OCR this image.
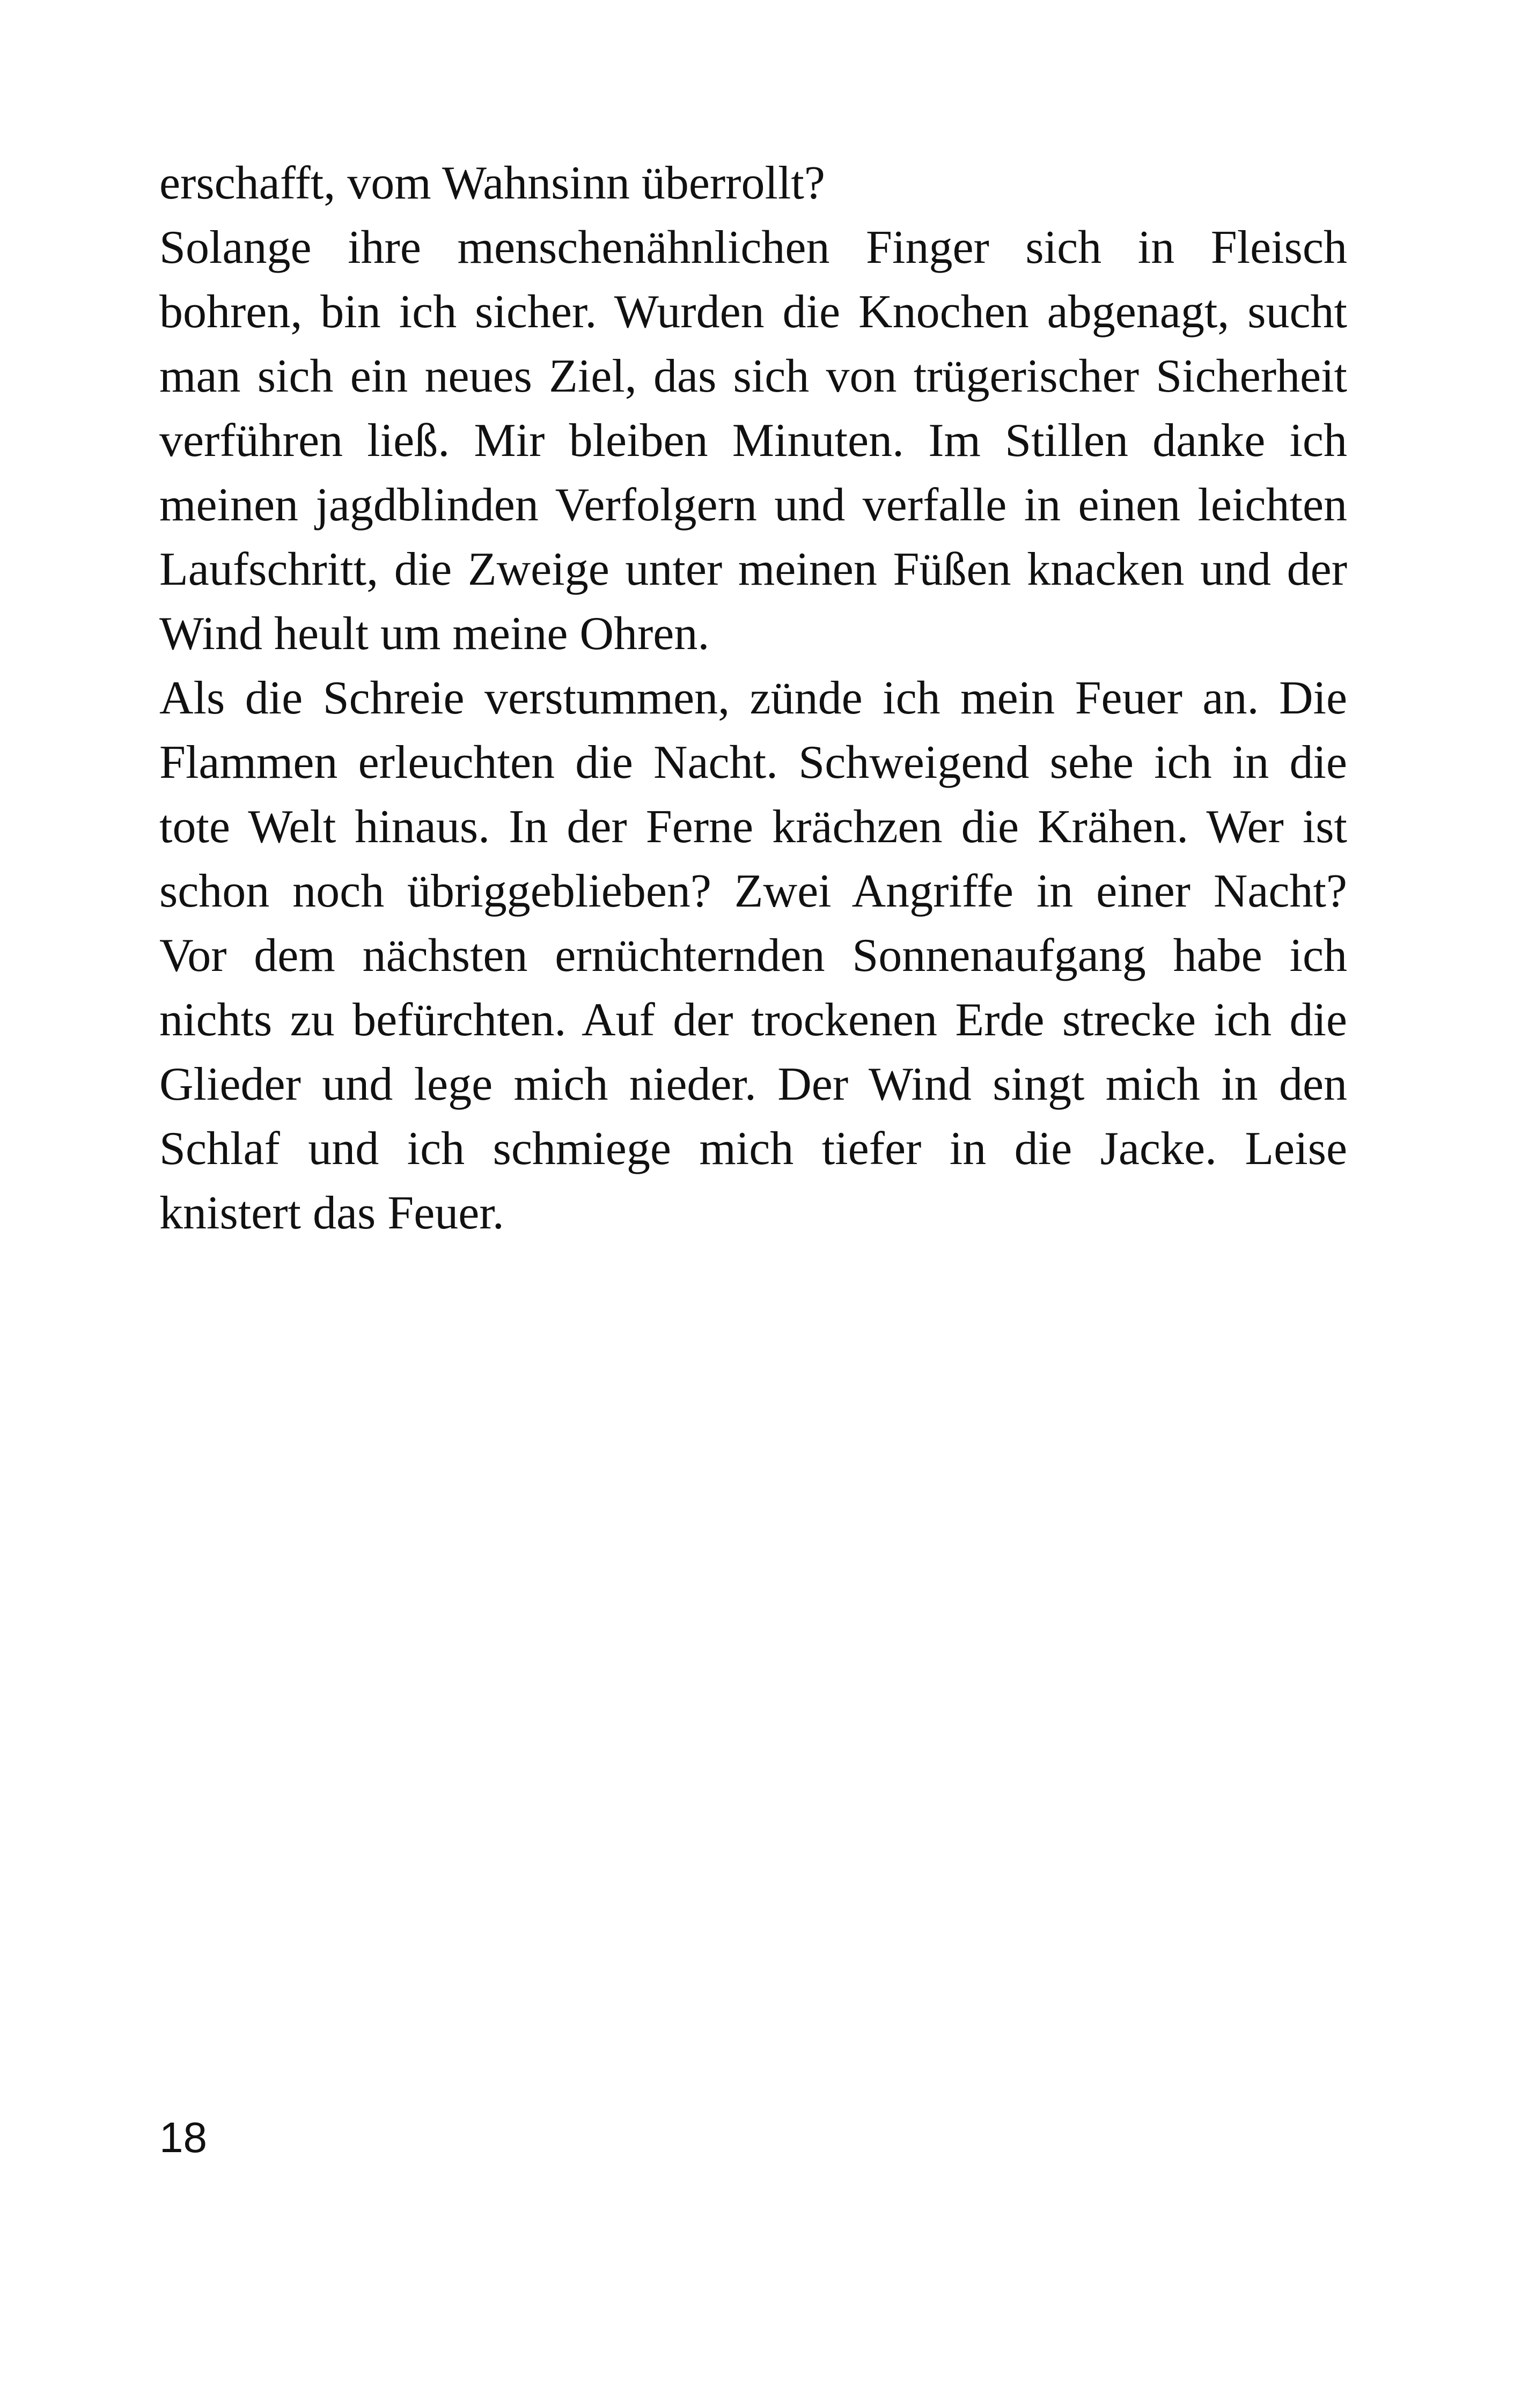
erschafft, vom Wahnsinn überrollt?
Solange ihre menschenähnlichen Finger sich in Fleisch
bohren, bin ich sicher. Wurden die Knochen abgenagt, sucht
man sich ein neues Ziel, das sich von trügerischer Sicherheit
verführen ließ. Mir bleiben Minuten. Im Stillen danke ich
meinen jagdblinden Verfolgern und verfalle in einen leichten
Laufschritt, die Zweige unter meinen Füßen knacken und der
Wind heult um meine Ohren.
Als die Schreie verstummen, zünde ich mein Feuer an. Die
Flammen erleuchten die Nacht. Schweigend sehe ich in die
tote Welt hinaus. In der Ferne krächzen die Krähen. Wer ist
schon noch übriggeblieben? Zwei Angriffe in einer Nacht?
Vor dem nächsten ernüchternden Sonnenaufgang habe ich
nichts zu befürchten. Auf der trockenen Erde strecke ich die
Glieder und lege mich nieder. Der Wind singt mich in den
Schlaf und ich schmiege mich tiefer in die Jacke. Leise
knistert das Feuer.
18
